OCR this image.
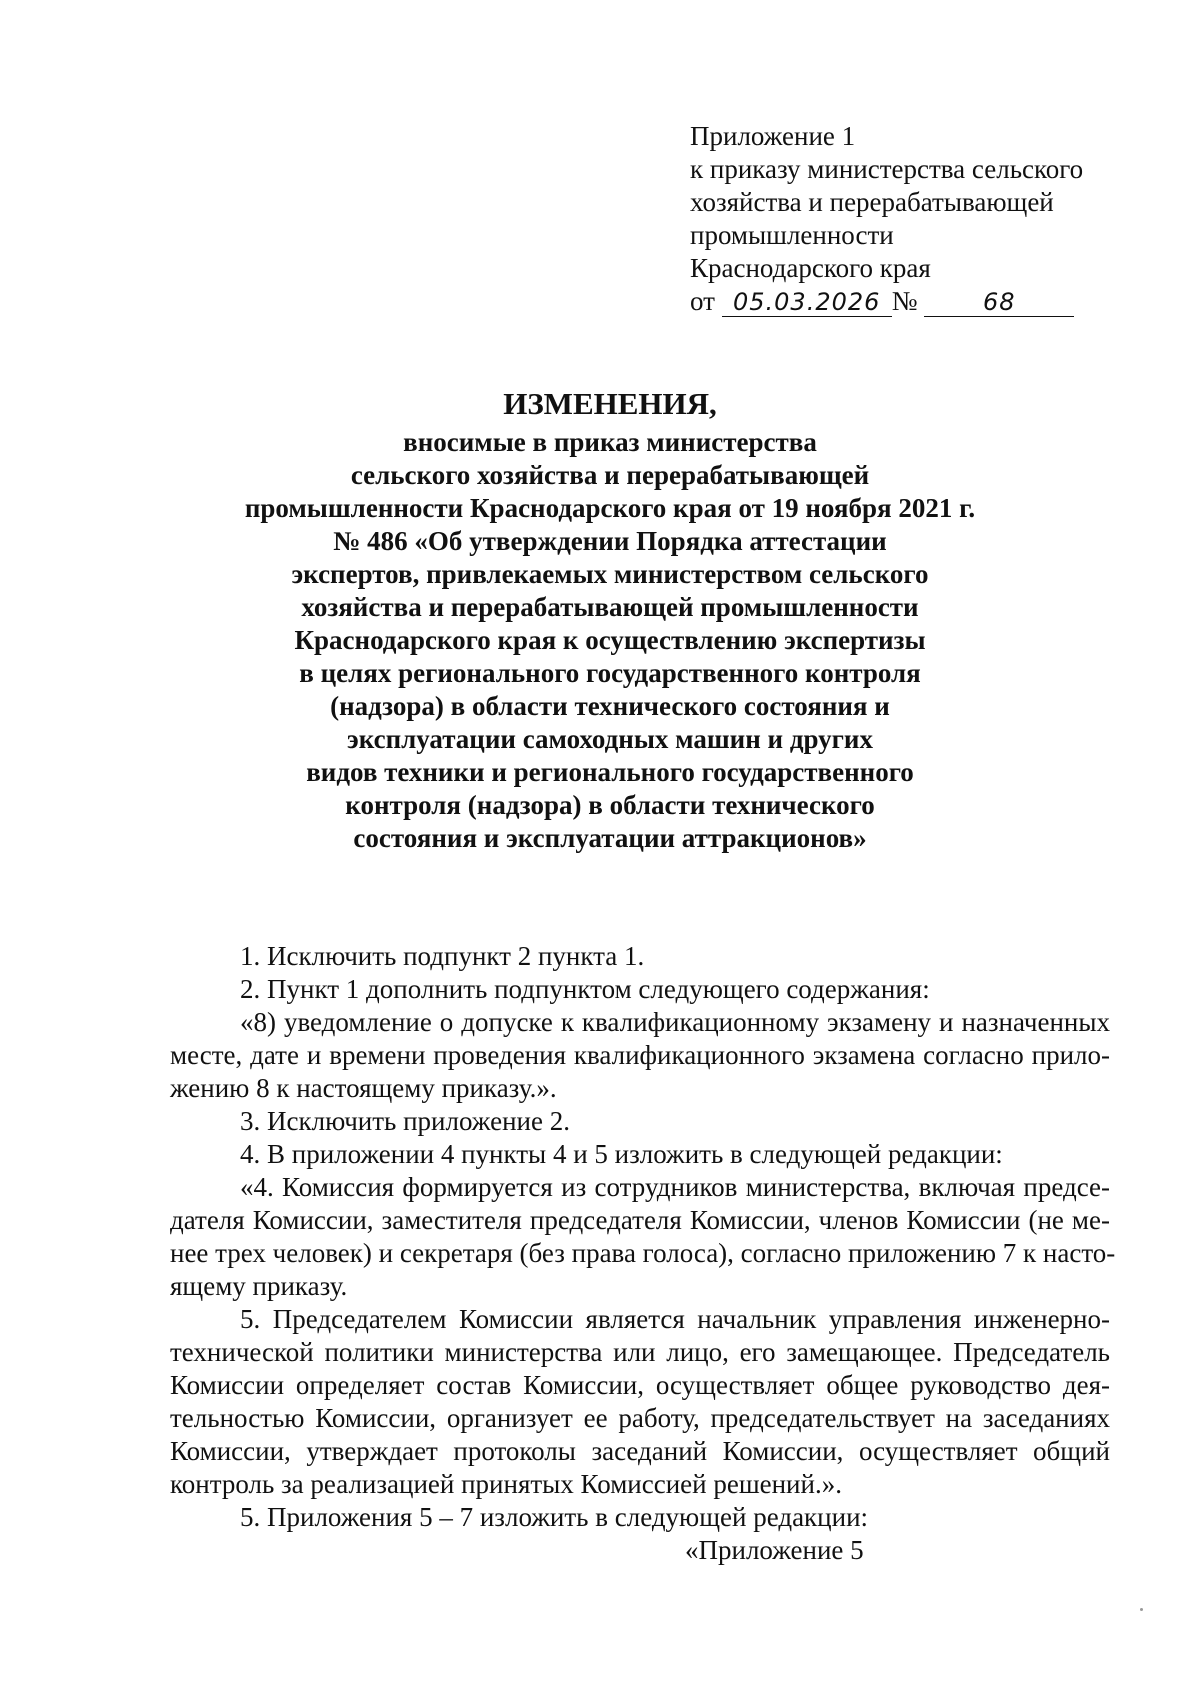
Приложение 1
к приказу министерства сельского
хозяйства и перерабатывающей
промышленности
Краснодарского края
от 05.03.2026 №	68
ИЗМЕНЕНИЯ,
вносимые в приказ министерства
сельского хозяйства и перерабатывающей
промышленности Краснодарского края от 19 ноября 2021 г.
№ 486 «Об утверждении Порядка аттестации
экспертов, привлекаемых министерством сельского
хозяйства и перерабатывающей промышленности
Краснодарского края к осуществлению экспертизы
в целях регионального государственного контроля
(надзора) в области технического состояния и
эксплуатации самоходных машин и других
видов техники и регионального государственного
контроля (надзора) в области технического
состояния и эксплуатации аттракционов»
1. Исключить подпункт 2 пункта 1.
2. Пункт 1 дополнить подпунктом следующего содержания:
«8) уведомление о допуске к квалификационному экзамену и назначенных
месте, дате и времени проведения квалификационного экзамена согласно прило-
жению 8 к настоящему приказу.».
3. Исключить приложение 2.
4. В приложении 4 пункты 4 и 5 изложить в следующей редакции:
«4. Комиссия формируется из сотрудников министерства, включая предсе-
дателя Комиссии, заместителя председателя Комиссии, членов Комиссии (не ме-
нее трех человек) и секретаря (без права голоса), согласно приложению 7 к насто-
ящему приказу.
5. Председателем Комиссии является начальник управления инженерно-
технической политики министерства или лицо, его замещающее. Председатель
Комиссии определяет состав Комиссии, осуществляет общее руководство дея-
тельностью Комиссии, организует ее работу, председательствует на заседаниях
Комиссии, утверждает протоколы заседаний Комиссии, осуществляет общий
контроль за реализацией принятых Комиссией решений.».
5. Приложения 5 – 7 изложить в следующей редакции:
«Приложение 5
